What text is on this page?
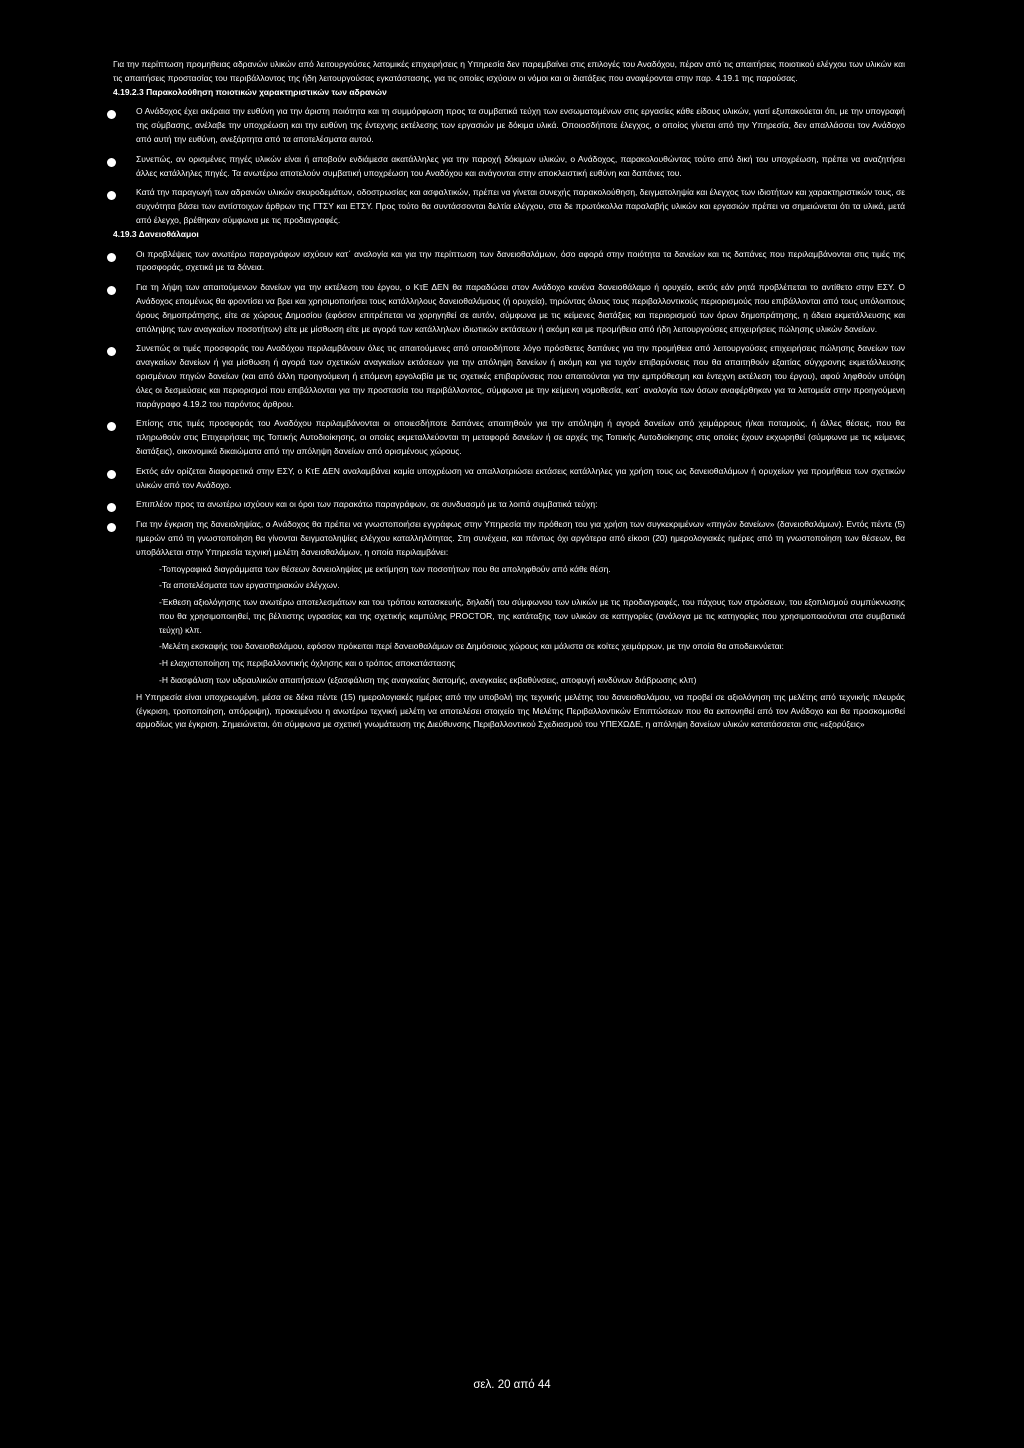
Για την περίπτωση προμηθειας αδρανών υλικών από λειτουργούσες λατομικές επιχειρήσεις η Υπηρεσία δεν παρεμβαίνει στις επιλογές του Αναδόχου, πέραν από τις απαιτήσεις ποιοτικού ελέγχου των υλικών και τις απαιτήσεις προστασίας του περιβάλλοντος της ήδη λειτουργούσας εγκατάστασης, για τις οποίες ισχύουν οι νόμοι και οι διατάξεις που αναφέρονται στην παρ. 4.19.1 της παρούσας.

4.19.2.3 Παρακολούθηση ποιοτικών χαρακτηριστικών των αδρανών

Ο Ανάδοχος έχει ακέραια την ευθύνη για την άριστη ποιότητα και τη συμμόρφωση προς τα συμβατικά τεύχη των ενσωματομένων στις εργασίες κάθε είδους υλικών, γιατί εξυπακούεται ότι, με την υπογραφή της σύμβασης, ανέλαβε την υποχρέωση και την ευθύνη της έντεχνης εκτέλεσης των εργασιών με δόκιμα υλικά. Οποιοσδήποτε έλεγχος, ο οποίος γίνεται από την Υπηρεσία, δεν απαλλάσσει τον Ανάδοχο από αυτή την ευθύνη, ανεξάρτητα από τα αποτελέσματα αυτού.

Συνεπώς, αν ορισμένες πηγές υλικών είναι ή αποβούν ενδιάμεσα ακατάλληλες για την παροχή δόκιμων υλικών, ο Ανάδοχος, παρακολουθώντας τούτο από δική του υποχρέωση, πρέπει να αναζητήσει άλλες κατάλληλες πηγές. Τα ανωτέρω αποτελούν συμβατική υποχρέωση του Αναδόχου και ανάγονται στην αποκλειστική ευθύνη και δαπάνες του.

Κατά την παραγωγή των αδρανών υλικών σκυροδεμάτων, οδοστρωσίας και ασφαλτικών, πρέπει να γίνεται συνεχής παρακολούθηση, δειγματοληψία και έλεγχος των ιδιοτήτων και χαρακτηριστικών τους, σε συχνότητα βάσει των αντίστοιχων άρθρων της ΓΤΣΥ και ΕΤΣΥ. Προς τούτο θα συντάσσονται δελτία ελέγχου, στα δε πρωτόκολλα παραλαβής υλικών και εργασιών πρέπει να σημειώνεται ότι τα υλικά, μετά από έλεγχο, βρέθηκαν σύμφωνα με τις προδιαγραφές.

4.19.3 Δανειοθάλαμοι

Οι προβλέψεις των ανωτέρω παραγράφων ισχύουν κατ΄ αναλογία και για την περίπτωση των δανειοθαλάμων, όσο αφορά στην ποιότητα τα δανείων και τις δαπάνες που περιλαμβάνονται στις τιμές της προσφοράς, σχετικά με τα δάνεια.

Για τη λήψη των απαιτούμενων δανείων για την εκτέλεση του έργου, ο ΚτΕ ΔΕΝ θα παραδώσει στον Ανάδοχο κανένα δανειοθάλαμο ή ορυχείο, εκτός εάν ρητά προβλέπεται το αντίθετο στην ΕΣΥ. Ο Ανάδοχος επομένως θα φροντίσει να βρει και χρησιμοποιήσει τους κατάλληλους δανειοθαλάμους (ή ορυχεία), τηρώντας όλους τους περιβαλλοντικούς περιορισμούς που επιβάλλονται από τους υπόλοιπους όρους δημοπράτησης, είτε σε χώρους Δημοσίου (εφόσον επιτρέπεται να χορηγηθεί σε αυτόν, σύμφωνα με τις κείμενες διατάξεις και περιορισμού των όρων δημοπράτησης, η άδεια εκμετάλλευσης και απόληψης των αναγκαίων ποσοτήτων) είτε με μίσθωση είτε με αγορά των κατάλληλων ιδιωτικών εκτάσεων ή ακόμη και με προμήθεια από ήδη λειτουργούσες επιχειρήσεις πώλησης υλικών δανείων.

Συνεπώς οι τιμές προσφοράς του Αναδόχου περιλαμβάνουν όλες τις απαιτούμενες από οποιοδήποτε λόγο πρόσθετες δαπάνες για την προμήθεια από λειτουργούσες επιχειρήσεις πώλησης δανείων των αναγκαίων δανείων ή για μίσθωση ή αγορά των σχετικών αναγκαίων εκτάσεων για την απόληψη δανείων ή ακόμη και για τυχόν επιβαρύνσεις που θα απαιτηθούν εξαιτίας σύγχρονης εκμετάλλευσης ορισμένων πηγών δανείων (και από άλλη προηγούμενη ή επόμενη εργολαβία με τις σχετικές επιβαρύνσεις που απαιτούνται για την εμπρόθεσμη και έντεχνη εκτέλεση του έργου), αφού ληφθούν υπόψη όλες οι δεσμεύσεις και περιορισμοί που επιβάλλονται για την προστασία του περιβάλλοντος, σύμφωνα με την κείμενη νομοθεσία, κατ΄ αναλογία των όσων αναφέρθηκαν για τα λατομεία στην προηγούμενη παράγραφο 4.19.2 του παρόντος άρθρου.

Επίσης στις τιμές προσφοράς του Αναδόχου περιλαμβάνονται οι οποιεσδήποτε δαπάνες απαιτηθούν για την απόληψη ή αγορά δανείων από χειμάρρους ή/και ποταμούς, ή άλλες θέσεις, που θα πληρωθούν στις Επιχειρήσεις της Τοπικής Αυτοδιοίκησης, οι οποίες εκμεταλλεύονται τη μεταφορά δανείων ή σε αρχές της Τοπικής Αυτοδιοίκησης στις οποίες έχουν εκχωρηθεί (σύμφωνα με τις κείμενες διατάξεις), οικονομικά δικαιώματα από την απόληψη δανείων από ορισμένους χώρους.

Εκτός εάν ορίζεται διαφορετικά στην ΕΣΥ, ο ΚτΕ ΔΕΝ αναλαμβάνει καμία υποχρέωση να απαλλοτριώσει εκτάσεις κατάλληλες για χρήση τους ως δανειοθαλάμων ή ορυχείων για προμήθεια των σχετικών υλικών από τον Ανάδοχο.

Επιπλέον προς τα ανωτέρω ισχύουν και οι όροι των παρακάτω παραγράφων, σε συνδυασμό με τα λοιπά συμβατικά τεύχη:

Για την έγκριση της δανειοληψίας, ο Ανάδοχος θα πρέπει να γνωστοποιήσει εγγράφως στην Υπηρεσία την πρόθεση του για χρήση των συγκεκριμένων «πηγών δανείων» (δανειοθαλάμων). Εντός πέντε (5) ημερών από τη γνωστοποίηση θα γίνονται δειγματοληψίες ελέγχου καταλληλότητας. Στη συνέχεια, και πάντως όχι αργότερα από είκοσι (20) ημερολογιακές ημέρες από τη γνωστοποίηση των θέσεων, θα υποβάλλεται στην Υπηρεσία τεχνική μελέτη δανειοθαλάμων, η οποία περιλαμβάνει:

-Τοπογραφικά διαγράμματα των θέσεων δανειοληψίας με εκτίμηση των ποσοτήτων που θα αποληφθούν από κάθε θέση.

-Τα αποτελέσματα των εργαστηριακών ελέγχων.

-Έκθεση αξιολόγησης των ανωτέρω αποτελεσμάτων και του τρόπου κατασκευής, δηλαδή του σύμφωνου των υλικών με τις προδιαγραφές, του πάχους των στρώσεων, του εξοπλισμού συμπύκνωσης που θα χρησιμοποιηθεί, της βέλτιστης υγρασίας και της σχετικής καμπύλης PROCTOR, της κατάταξης των υλικών σε κατηγορίες (ανάλογα με τις κατηγορίες που χρησιμοποιούνται στα συμβατικά τεύχη) κλπ.

-Μελέτη εκσκαφής του δανειοθαλάμου, εφόσον πρόκειται περί δανειοθαλάμων σε Δημόσιους χώρους και μάλιστα σε κοίτες χειμάρρων, με την οποία θα αποδεικνύεται:

-Η ελαχιστοποίηση της περιβαλλοντικής όχλησης και ο τρόπος αποκατάστασης

-Η διασφάλιση των υδραυλικών απαιτήσεων (εξασφάλιση της αναγκαίας διατομής, αναγκαίες εκβαθύνσεις, αποφυγή κινδύνων διάβρωσης κλπ)

Η Υπηρεσία είναι υποχρεωμένη, μέσα σε δέκα πέντε (15) ημερολογιακές ημέρες από την υποβολή της τεχνικής μελέτης του δανειοθαλάμου, να προβεί σε αξιολόγηση της μελέτης από τεχνικής πλευράς (έγκριση, τροποποίηση, απόρριψη), προκειμένου η ανωτέρω τεχνική μελέτη να αποτελέσει στοιχείο της Μελέτης Περιβαλλοντικών Επιπτώσεων που θα εκπονηθεί από τον Ανάδοχο και θα προσκομισθεί αρμοδίως για έγκριση. Σημειώνεται, ότι σύμφωνα με σχετική γνωμάτευση της Διεύθυνσης Περιβαλλοντικού Σχεδιασμού του ΥΠΕΧΩΔΕ, η απόληψη δανείων υλικών κατατάσσεται στις «εξορύξεις»

σελ. 20 από 44
